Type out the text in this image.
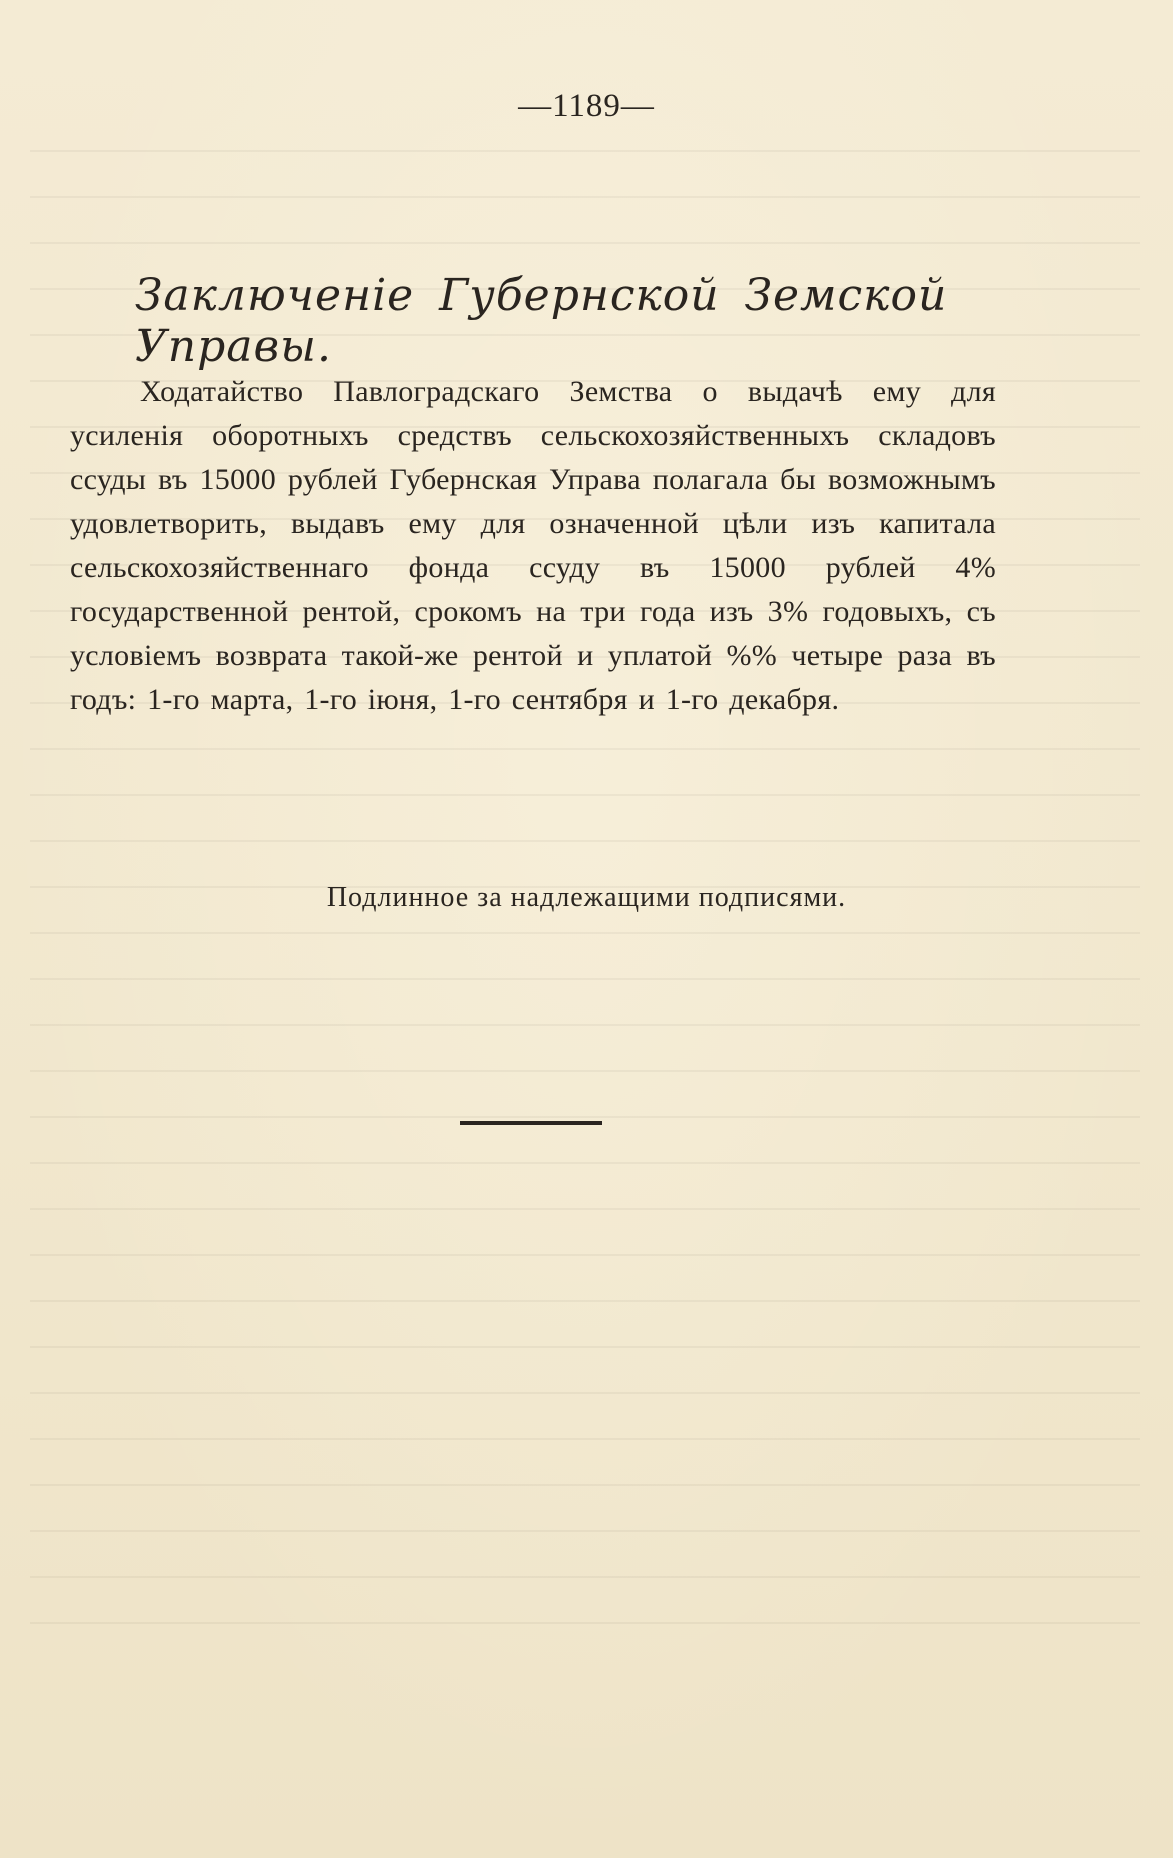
—1189—
Заключеніе Губернской Земской Управы.

Ходатайство Павлоградскаго Земства о выдачѣ ему для усиленія оборотныхъ средствъ сельскохозяйственныхъ складовъ ссуды въ 15000 рублей Губернская Управа полагала бы возможнымъ удовлетворить, выдавъ ему для означенной цѣли изъ капитала сельскохозяйственнаго фонда ссуду въ 15000 рублей 4% государственной рентой, срокомъ на три года изъ 3% годовыхъ, съ условіемъ возврата такой-же рентой и уплатой %% четыре раза въ годъ: 1-го марта, 1-го іюня, 1-го сентября и 1-го декабря.

Подлинное за надлежащими подписями.
